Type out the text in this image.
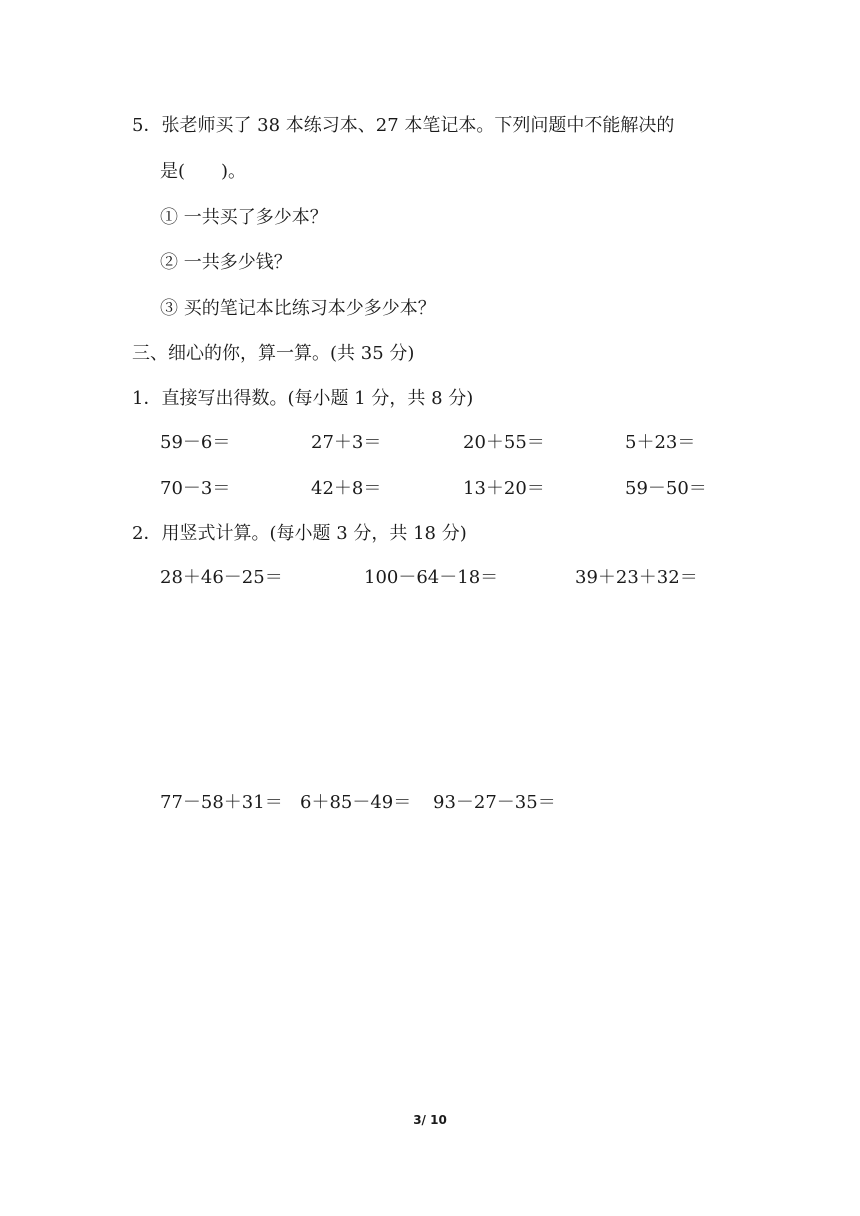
5．张老师买了 38 本练习本、27 本笔记本。下列问题中不能解决的
是(　　)。
① 一共买了多少本？
② 一共多少钱？
③ 买的笔记本比练习本少多少本？
三、细心的你，算一算。(共 35 分)
1．直接写出得数。(每小题 1 分，共 8 分)
59－6＝	27＋3＝	20＋55＝	5＋23＝
70－3＝	42＋8＝	13＋20＝	59－50＝
2．用竖式计算。(每小题 3 分，共 18 分)
28＋46－25＝	100－64－18＝	39＋23＋32＝
77－58＋31＝ 6＋85－49＝ 93－27－35＝
3/ 10
